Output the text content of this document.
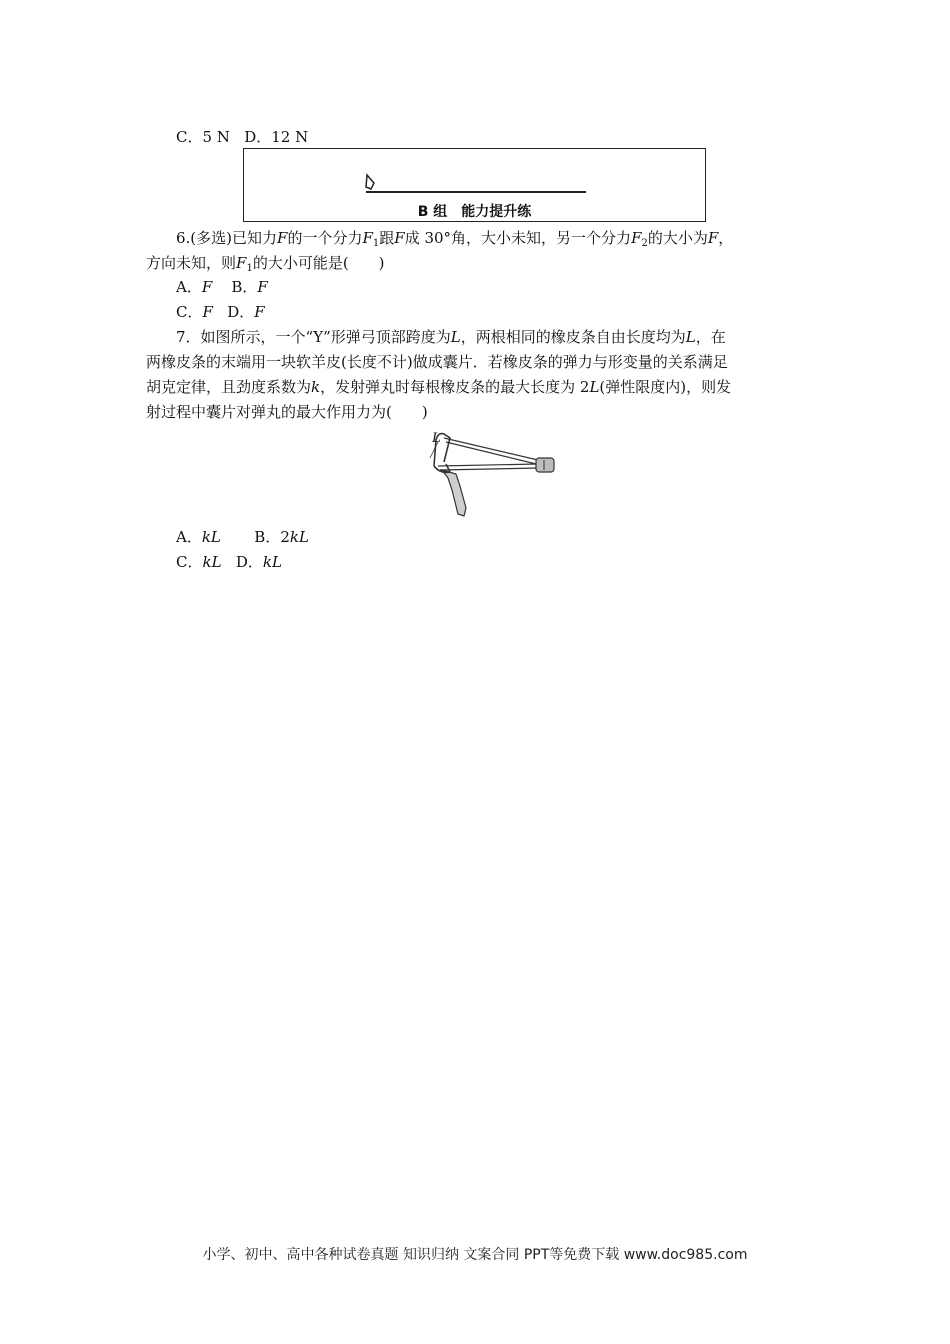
C．5 N D．12 N
B 组　能力提升练
6.(多选)已知力F的一个分力$F_1$跟F成 30°角，大小未知，另一个分力$F_2$的大小为F，
方向未知，则$F_1$的大小可能是(　　)
A．F B．F
C．F D．F
7．如图所示，一个“Y”形弹弓顶部跨度为L，两根相同的橡皮条自由长度均为L，在
两橡皮条的末端用一块软羊皮(长度不计)做成囊片．若橡皮条的弹力与形变量的关系满足
胡克定律，且劲度系数为k，发射弹丸时每根橡皮条的最大长度为 2L(弹性限度内)，则发
射过程中囊片对弹丸的最大作用力为(　　)
L
A．kL B．2kL
C．kL D．kL
小学、初中、高中各种试卷真题 知识归纳 文案合同 PPT等免费下载 www.doc985.com
